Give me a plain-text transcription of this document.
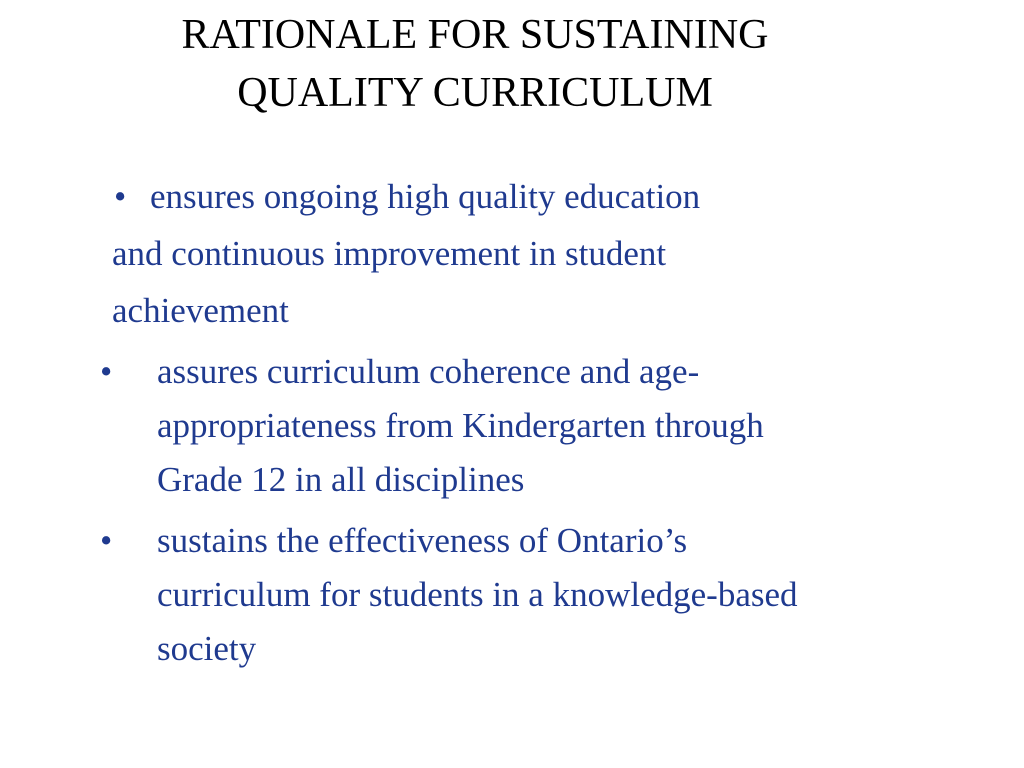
RATIONALE FOR SUSTAINING
QUALITY CURRICULUM
• ensures ongoing high quality education
and continuous improvement in student
achievement
•	assures curriculum coherence and age-
appropriateness from Kindergarten through
Grade 12 in all disciplines
•	sustains the effectiveness of Ontario’s
curriculum for students in a knowledge-based
society
